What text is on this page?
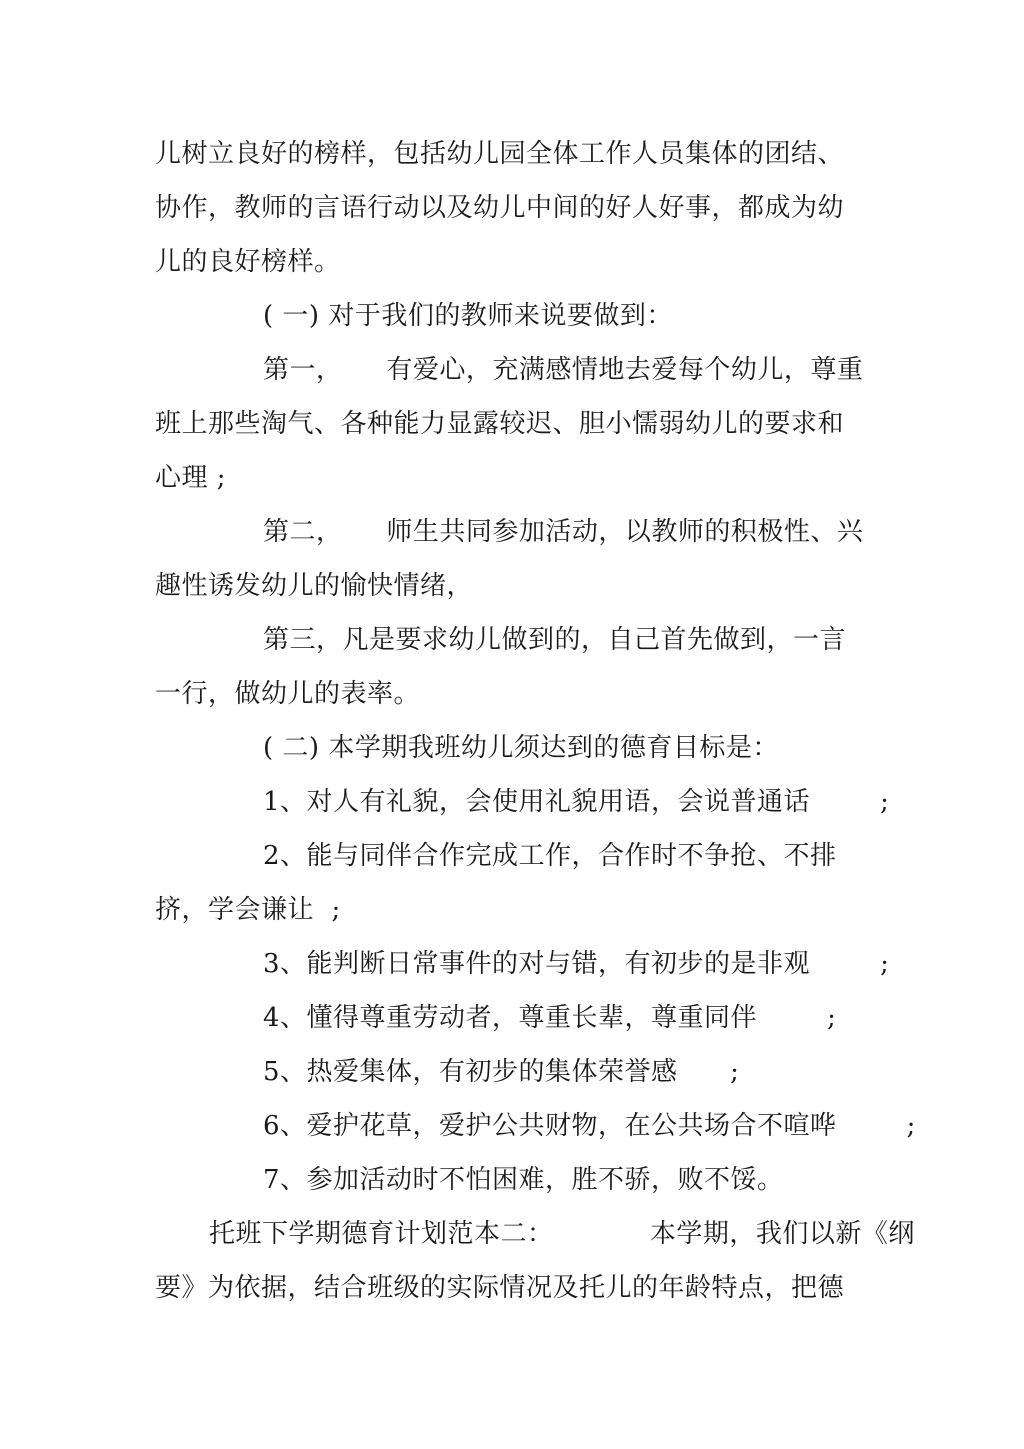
儿树立良好的榜样，包括幼儿园全体工作人员集体的团结、
协作，教师的言语行动以及幼儿中间的好人好事，都成为幼
儿的良好榜样。
( 一) 对于我们的教师来说要做到：
第一，     有爱心，充满感情地去爱每个幼儿，尊重
班上那些淘气、各种能力显露较迟、胆小懦弱幼儿的要求和
心理 ;
第二，     师生共同参加活动，以教师的积极性、兴
趣性诱发幼儿的愉快情绪，
第三，凡是要求幼儿做到的，自己首先做到，一言
一行，做幼儿的表率。
( 二) 本学期我班幼儿须达到的德育目标是：
1、对人有礼貌，会使用礼貌用语，会说普通话        ;
2、能与同伴合作完成工作，合作时不争抢、不排
挤，学会谦让  ;
3、能判断日常事件的对与错，有初步的是非观        ;
4、懂得尊重劳动者，尊重长辈，尊重同伴        ;
5、热爱集体，有初步的集体荣誉感      ;
6、爱护花草，爱护公共财物，在公共场合不喧哗        ;
7、参加活动时不怕困难，胜不骄，败不馁。
托班下学期德育计划范本二：           本学期，我们以新《纲
要》为依据，结合班级的实际情况及托儿的年龄特点，把德
